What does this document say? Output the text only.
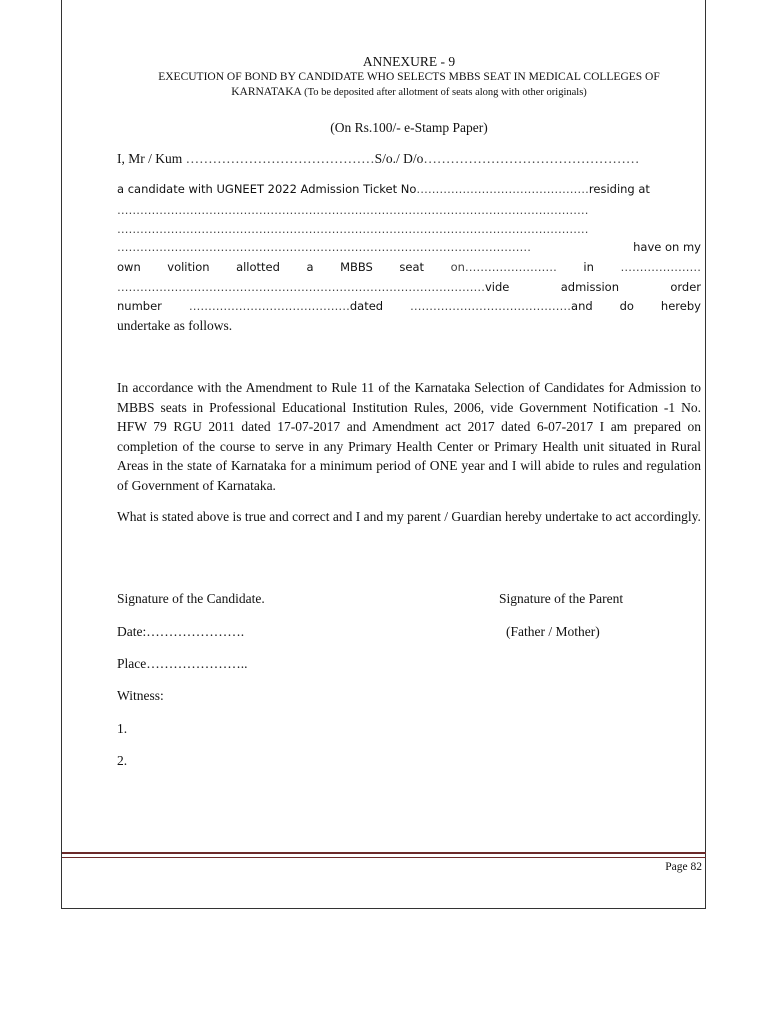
ANNEXURE - 9
EXECUTION OF BOND BY CANDIDATE WHO SELECTS MBBS SEAT IN MEDICAL COLLEGES OF
KARNATAKA (To be deposited after allotment of seats along with other originals)
(On Rs.100/- e-Stamp Paper)
I, Mr / Kum ……………………………………S/o./ D/o…………………………………………
a candidate with UGNEET 2022 Admission Ticket No………………………………………residing at
……………………………………………………………………………………………………………
……………………………………………………………………………………………………………
………………………………………………………………………………………………	have on my
own volition allotted a MBBS seat on…………………… in …………………
……………………………………………………………………………………vide	admission	order
number ……………………………………dated ……………………………………and do hereby
undertake as follows.
In accordance with the Amendment to Rule 11 of the Karnataka Selection of Candidates for Admission to MBBS seats in Professional Educational Institution Rules, 2006, vide Government Notification -1 No. HFW 79 RGU 2011 dated 17-07-2017 and Amendment act 2017 dated 6-07-2017 I am prepared on completion of the course to serve in any Primary Health Center or Primary Health unit situated in Rural Areas in the state of Karnataka for a minimum period of ONE year and I will abide to rules and regulation of Government of Karnataka.
What is stated above is true and correct and I and my parent / Guardian hereby undertake to act accordingly.
Signature of the Candidate.	Signature of the Parent
Date:………………….	(Father / Mother)
Place…………………..
Witness:
1.
2.
Page 82
